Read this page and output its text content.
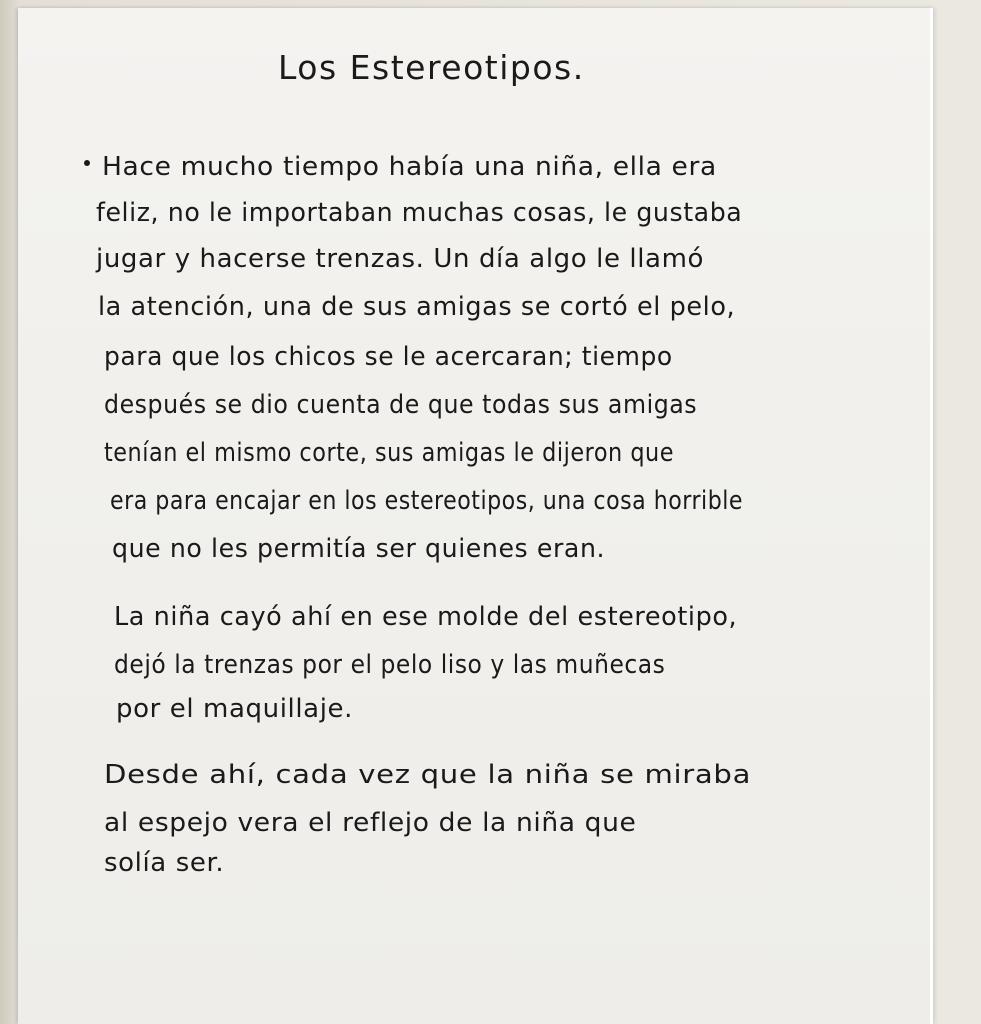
Los Estereotipos.
Hace mucho tiempo había una niña, ella era
feliz, no le importaban muchas cosas, le gustaba
jugar y hacerse trenzas. Un día algo le llamó
la atención, una de sus amigas se cortó el pelo,
para que los chicos se le acercaran; tiempo
después se dio cuenta de que todas sus amigas
tenían el mismo corte, sus amigas le dijeron que
era para encajar en los estereotipos, una cosa horrible
que no les permitía ser quienes eran.
La niña cayó ahí en ese molde del estereotipo,
dejó la trenzas por el pelo liso y las muñecas
por el maquillaje.
Desde ahí, cada vez que la niña se miraba
al espejo vera el reflejo de la niña que
solía ser.
